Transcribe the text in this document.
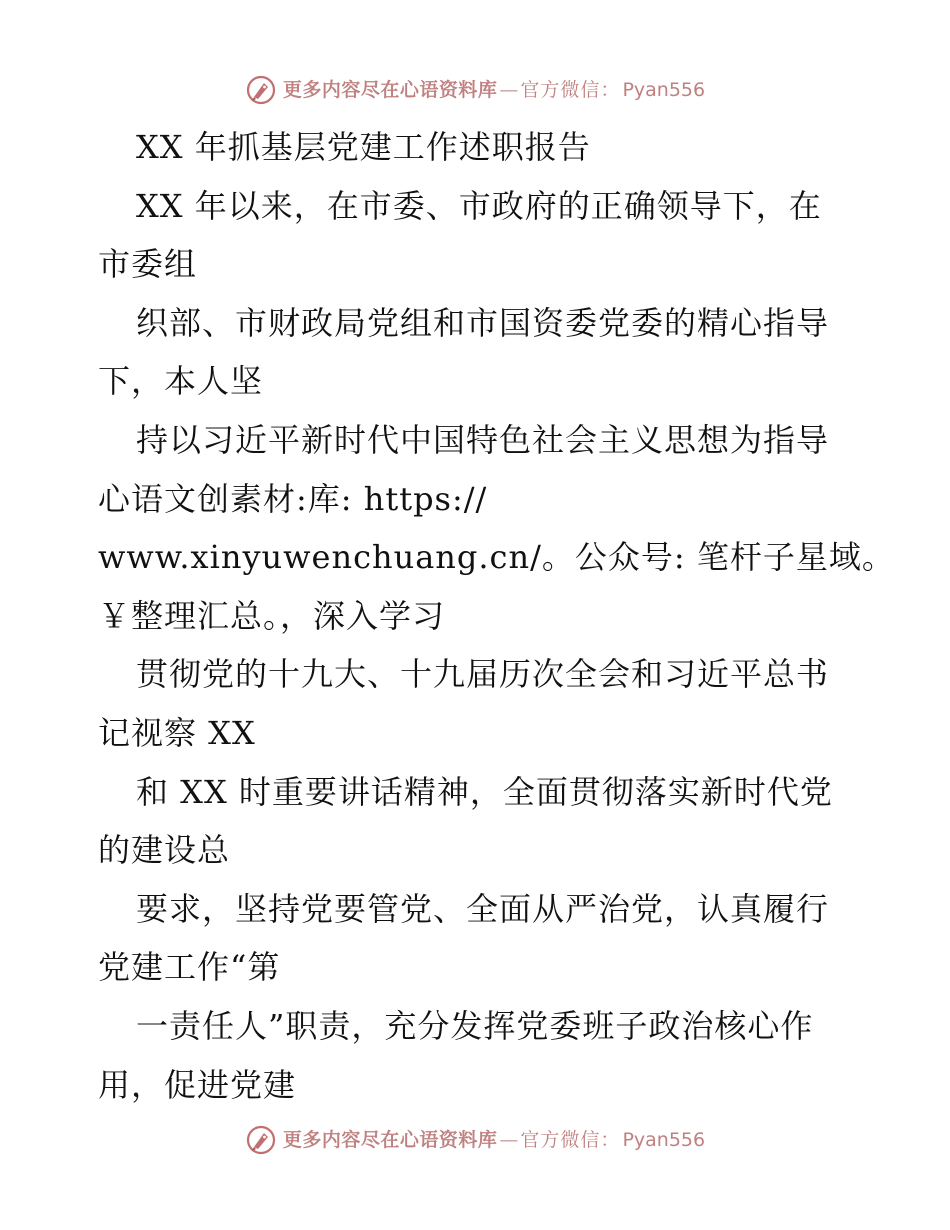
更多内容尽在心语资料库 — 官方微信： Pyan556
XX 年抓基层党建工作述职报告
XX 年以来，在市委、市政府的正确领导下，在
市委组
织部、市财政局党组和市国资委党委的精心指导
下，本人坚
持以习近平新时代中国特色社会主义思想为指导
心语文创素材:库: https://
www.xinyuwenchuang.cn/。公众号: 笔杆子星域。
￥整理汇总。，深入学习
贯彻党的十九大、十九届历次全会和习近平总书
记视察 XX
和 XX 时重要讲话精神，全面贯彻落实新时代党
的建设总
要求，坚持党要管党、全面从严治党，认真履行
党建工作“第
一责任人”职责，充分发挥党委班子政治核心作
用，促进党建
更多内容尽在心语资料库 — 官方微信： Pyan556
